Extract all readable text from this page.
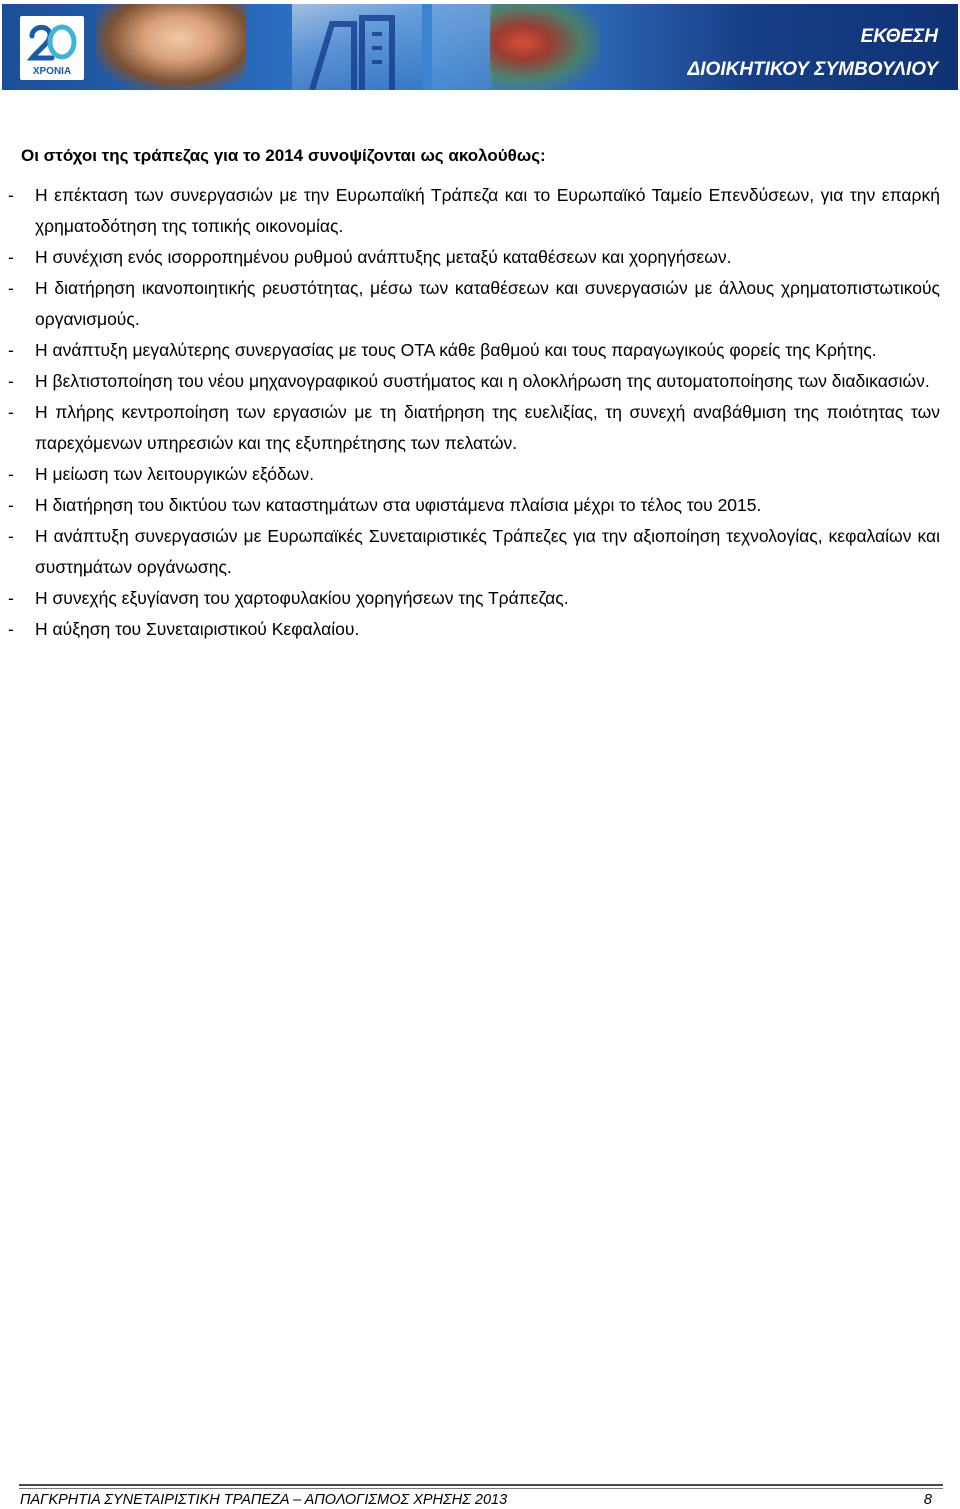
ΧΡΟΝΙΑ
ΕΚΘΕΣΗ
ΔΙΟΙΚΗΤΙΚΟΥ ΣΥΜΒΟΥΛΙΟΥ

Οι στόχοι της τράπεζας για το 2014 συνοψίζονται ως ακολούθως:

-	Η επέκταση των συνεργασιών με την Ευρωπαϊκή Τράπεζα και το Ευρωπαϊκό Ταμείο Επενδύσεων, για την επαρκή χρηματοδότηση της τοπικής οικονομίας.
-	Η συνέχιση ενός ισορροπημένου ρυθμού ανάπτυξης μεταξύ καταθέσεων και χορηγήσεων.
-	Η διατήρηση ικανοποιητικής ρευστότητας, μέσω των καταθέσεων και συνεργασιών με άλλους χρηματοπιστωτικούς οργανισμούς.
-	Η ανάπτυξη μεγαλύτερης συνεργασίας με τους ΟΤΑ κάθε βαθμού και τους παραγωγικούς φορείς της Κρήτης.
-	Η βελτιστοποίηση του νέου μηχανογραφικού συστήματος και η ολοκλήρωση της αυτοματοποίησης των διαδικασιών.
-	Η πλήρης κεντροποίηση των εργασιών με τη διατήρηση της ευελιξίας, τη συνεχή αναβάθμιση της ποιότητας των παρεχόμενων υπηρεσιών και της εξυπηρέτησης των πελατών.
-	Η μείωση των λειτουργικών εξόδων.
-	Η διατήρηση του δικτύου των καταστημάτων στα υφιστάμενα πλαίσια μέχρι το τέλος του 2015.
-	Η ανάπτυξη συνεργασιών με Ευρωπαϊκές Συνεταιριστικές Τράπεζες για την αξιοποίηση τεχνολογίας, κεφαλαίων και συστημάτων οργάνωσης.
-	Η συνεχής εξυγίανση του χαρτοφυλακίου χορηγήσεων της Τράπεζας.
-	Η αύξηση του Συνεταιριστικού Κεφαλαίου.
ΠΑΓΚΡΗΤΙΑ ΣΥΝΕΤΑΙΡΙΣΤΙΚΗ ΤΡΑΠΕΖΑ – ΑΠΟΛΟΓΙΣΜΟΣ ΧΡΗΣΗΣ 2013	8
